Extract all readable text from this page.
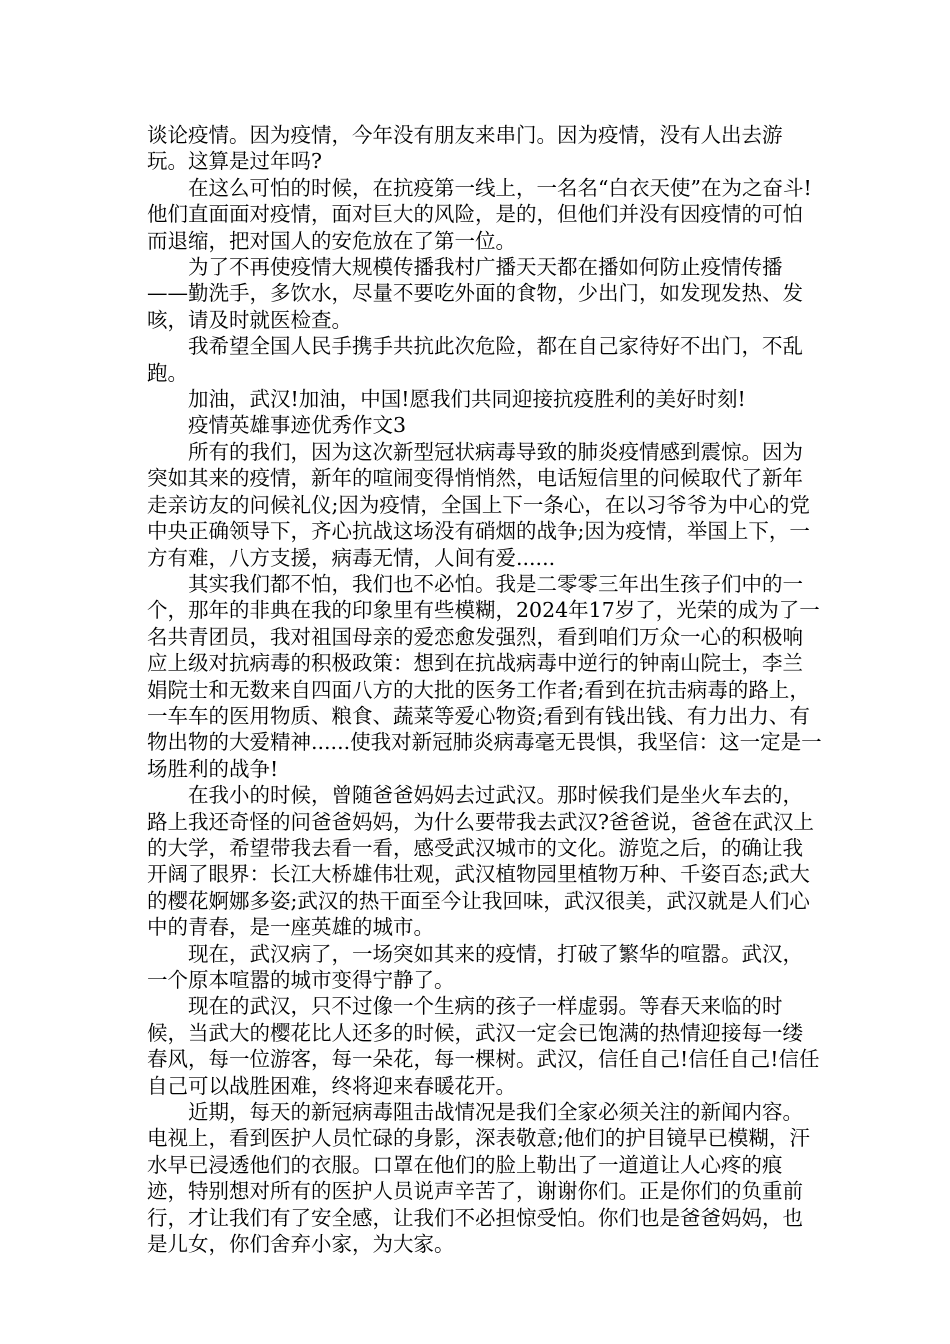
谈论疫情。因为疫情，今年没有朋友来串门。因为疫情，没有人出去游玩。这算是过年吗?

在这么可怕的时候，在抗疫第一线上，一名名“白衣天使”在为之奋斗!他们直面面对疫情，面对巨大的风险，是的，但他们并没有因疫情的可怕而退缩，把对国人的安危放在了第一位。

为了不再使疫情大规模传播我村广播天天都在播如何防止疫情传播——勤洗手，多饮水，尽量不要吃外面的食物，少出门，如发现发热、发咳，请及时就医检查。

我希望全国人民手携手共抗此次危险，都在自己家待好不出门，不乱跑。

加油，武汉!加油，中国!愿我们共同迎接抗疫胜利的美好时刻!

疫情英雄事迹优秀作文3

所有的我们，因为这次新型冠状病毒导致的肺炎疫情感到震惊。因为突如其来的疫情，新年的喧闹变得悄悄然，电话短信里的问候取代了新年走亲访友的问候礼仪;因为疫情，全国上下一条心，在以习爷爷为中心的党中央正确领导下，齐心抗战这场没有硝烟的战争;因为疫情，举国上下，一方有难，八方支援，病毒无情，人间有爱......

其实我们都不怕，我们也不必怕。我是二零零三年出生孩子们中的一个，那年的非典在我的印象里有些模糊，2024年17岁了，光荣的成为了一名共青团员，我对祖国母亲的爱恋愈发强烈，看到咱们万众一心的积极响应上级对抗病毒的积极政策：想到在抗战病毒中逆行的钟南山院士，李兰娟院士和无数来自四面八方的大批的医务工作者;看到在抗击病毒的路上，一车车的医用物质、粮食、蔬菜等爱心物资;看到有钱出钱、有力出力、有物出物的大爱精神......使我对新冠肺炎病毒毫无畏惧，我坚信：这一定是一场胜利的战争!

在我小的时候，曾随爸爸妈妈去过武汉。那时候我们是坐火车去的，路上我还奇怪的问爸爸妈妈，为什么要带我去武汉?爸爸说，爸爸在武汉上的大学，希望带我去看一看，感受武汉城市的文化。游览之后，的确让我开阔了眼界：长江大桥雄伟壮观，武汉植物园里植物万种、千姿百态;武大的樱花婀娜多姿;武汉的热干面至今让我回味，武汉很美，武汉就是人们心中的青春，是一座英雄的城市。

现在，武汉病了，一场突如其来的疫情，打破了繁华的喧嚣。武汉，一个原本喧嚣的城市变得宁静了。

现在的武汉，只不过像一个生病的孩子一样虚弱。等春天来临的时候，当武大的樱花比人还多的时候，武汉一定会已饱满的热情迎接每一缕春风，每一位游客，每一朵花，每一棵树。武汉，信任自己!信任自己!信任自己可以战胜困难，终将迎来春暖花开。

近期，每天的新冠病毒阻击战情况是我们全家必须关注的新闻内容。电视上，看到医护人员忙碌的身影，深表敬意;他们的护目镜早已模糊，汗水早已浸透他们的衣服。口罩在他们的脸上勒出了一道道让人心疼的痕迹，特别想对所有的医护人员说声辛苦了，谢谢你们。正是你们的负重前行，才让我们有了安全感，让我们不必担惊受怕。你们也是爸爸妈妈，也是儿女，你们舍弃小家，为大家。
